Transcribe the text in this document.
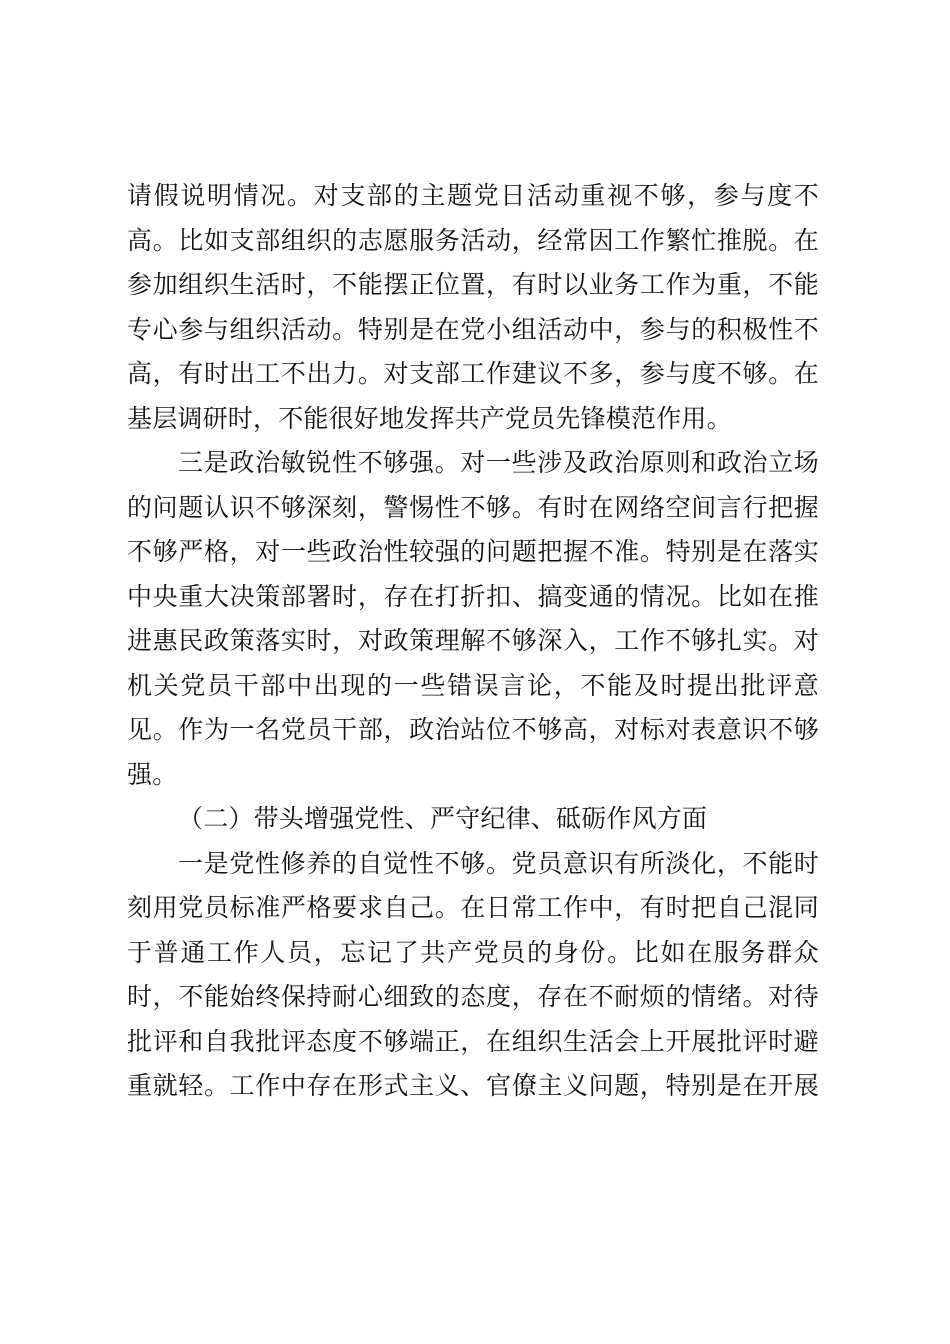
请假说明情况。对支部的主题党日活动重视不够，参与度不
高。比如支部组织的志愿服务活动，经常因工作繁忙推脱。在
参加组织生活时，不能摆正位置，有时以业务工作为重，不能
专心参与组织活动。特别是在党小组活动中，参与的积极性不
高，有时出工不出力。对支部工作建议不多，参与度不够。在
基层调研时，不能很好地发挥共产党员先锋模范作用。
三是政治敏锐性不够强。对一些涉及政治原则和政治立场
的问题认识不够深刻，警惕性不够。有时在网络空间言行把握
不够严格，对一些政治性较强的问题把握不准。特别是在落实
中央重大决策部署时，存在打折扣、搞变通的情况。比如在推
进惠民政策落实时，对政策理解不够深入，工作不够扎实。对
机关党员干部中出现的一些错误言论，不能及时提出批评意
见。作为一名党员干部，政治站位不够高，对标对表意识不够
强。
（二）带头增强党性、严守纪律、砥砺作风方面
一是党性修养的自觉性不够。党员意识有所淡化，不能时
刻用党员标准严格要求自己。在日常工作中，有时把自己混同
于普通工作人员，忘记了共产党员的身份。比如在服务群众
时，不能始终保持耐心细致的态度，存在不耐烦的情绪。对待
批评和自我批评态度不够端正，在组织生活会上开展批评时避
重就轻。工作中存在形式主义、官僚主义问题，特别是在开展
